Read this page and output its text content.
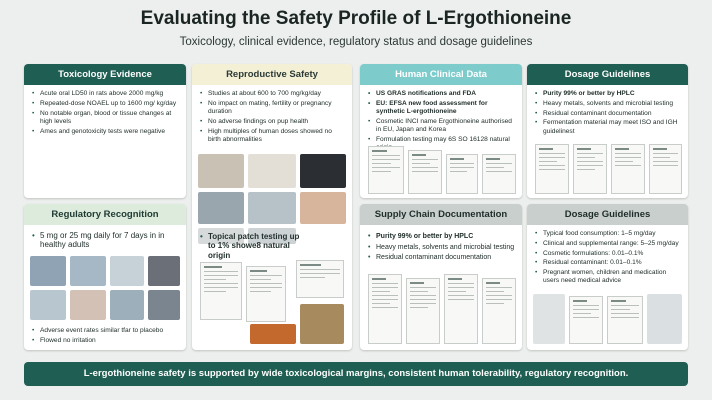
Evaluating the Safety Profile of L-Ergothioneine
Toxicology, clinical evidence, regulatory status and dosage guidelines
Toxicology Evidence
• Acute oral LD50 in rats above 2000 mg/kg
• Repeated-dose NOAEL up to 1600 mg/ kg/day
• No notable organ, blood or tissue changes at high levels
• Ames and genotoxicity tests were negative
Reproductive Safety
• Studies at about 600 to 700 mg/kg/day
• No impact on mating, fertility or pregnancy duration
• No adverse findings on pup health
• High multiples of human doses showed no birth abnormalities
• Topical patch testing up to 1% showe8 natural origin
Human Clinical Data
• US GRAS notifications and FDA
• EU: EFSA new food assessment for synthetic L-ergothioneine
• Cosmetic INCI name Ergothioneine authorised in EU, Japan and Korea
• Formulation testing may 6S SO 16128 natural
Dosage Guidelines
• Purity 99% or better by HPLC
• Heavy metals, solvents and microbial testing
• Residual contaminant documentation
• Fermentation material may meet ISO and IGH guidelinest
Regulatory Recognition
• 5 mg or 25 mg daily for 7 days in in healthy adults
• Adverse event rates similar tfar to placebo
• Flowed no irritation
Supply Chain Documentation
• Purity 99% or better by HPLC
• Heavy metals, solvents and microbial testing
• Residual contaminant documentation
Dosage Guidelines
• Typical food consumption: 1–5 mg/day
• Clinical and supplemental range: 5–25 mg/day
• Cosmetic formulations: 0.01–0.1%
• Residual contaminant: 0.01–0.1%
• Pregnant women, children and medication users need medical advice
L-ergothioneine safety is supported by wide toxicological margins, consistent human tolerability, regulatory recognition.
